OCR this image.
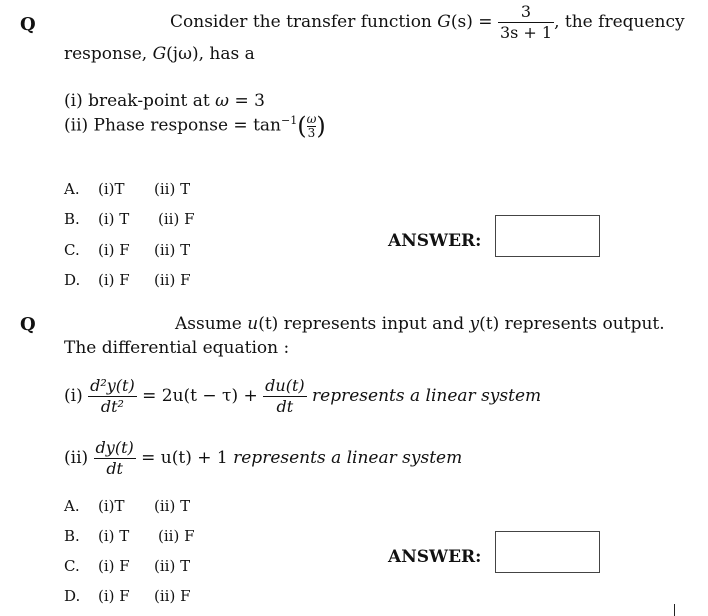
Q	Consider the transfer function $G(s) = \frac{3}{3s + 1}$ , the frequency
response, G(jω), has a
(i) break-point at ω = 3
(ii) Phase response = $\tan^{-1}( \frac{\omega}{3}$ )
A. (i)T (ii) T
B. (i) T (ii) F
C. (i) F (ii) T
D. (i) F (ii) F
ANSWER:
Q	Assume u(t) represents input and y(t) represents output.
The differential equation :
$(i) \frac{\text{d²y(t)}}{\text{dt²}} = 2u(t - \tau) + \frac{du(t)}{dt}$ represents a linear system
$(ii) \frac{dy(t)}{dt} = u(t) + 1$ represents a linear system
A. (i)T (ii) T
B. (i) T (ii) F
C. (i) F (ii) T
D. (i) F (ii) F
ANSWER:
